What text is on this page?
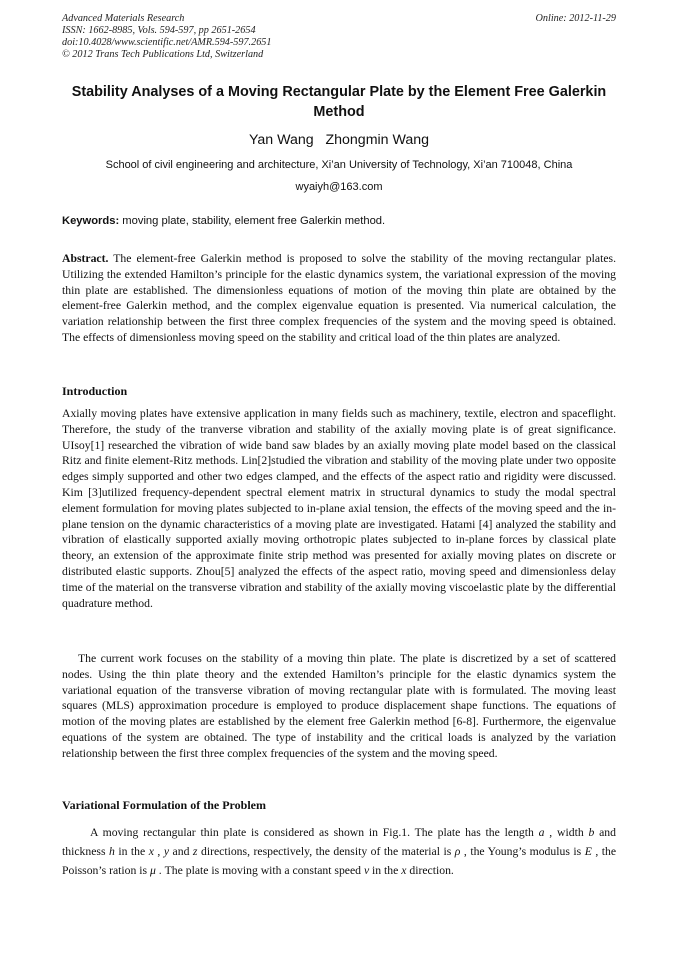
Advanced Materials Research
ISSN: 1662-8985, Vols. 594-597, pp 2651-2654
doi:10.4028/www.scientific.net/AMR.594-597.2651
© 2012 Trans Tech Publications Ltd, Switzerland
Online: 2012-11-29
Stability Analyses of a Moving Rectangular Plate by the Element Free Galerkin Method
Yan Wang   Zhongmin Wang
School of civil engineering and architecture, Xi’an University of Technology, Xi’an 710048, China
wyaiyh@163.com
Keywords: moving plate, stability, element free Galerkin method.
Abstract. The element-free Galerkin method is proposed to solve the stability of the moving rectangular plates. Utilizing the extended Hamilton’s principle for the elastic dynamics system, the variational expression of the moving thin plate are established. The dimensionless equations of motion of the moving thin plate are obtained by the element-free Galerkin method, and the complex eigenvalue equation is presented. Via numerical calculation, the variation relationship between the first three complex frequencies of the system and the moving speed is obtained. The effects of dimensionless moving speed on the stability and critical load of the thin plates are analyzed.
Introduction
Axially moving plates have extensive application in many fields such as machinery, textile, electron and spaceflight. Therefore, the study of the tranverse vibration and stability of the axially moving plate is of great significance. UIsoy[1] researched the vibration of wide band saw blades by an axially moving plate model based on the classical Ritz and finite element-Ritz methods. Lin[2]studied the vibration and stability of the moving plate under two opposite edges simply supported and other two edges clamped, and the effects of the aspect ratio and rigidity were discussed. Kim [3]utilized frequency-dependent spectral element matrix in structural dynamics to study the modal spectral element formulation for moving plates subjected to in-plane axial tension, the effects of the moving speed and the in-plane tension on the dynamic characteristics of a moving plate are investigated. Hatami [4] analyzed the stability and vibration of elastically supported axially moving orthotropic plates subjected to in-plane forces by classical plate theory, an extension of the approximate finite strip method was presented for axially moving plates on discrete or distributed elastic supports. Zhou[5] analyzed the effects of the aspect ratio, moving speed and dimensionless delay time of the material on the transverse vibration and stability of the axially moving viscoelastic plate by the differential quadrature method.
The current work focuses on the stability of a moving thin plate. The plate is discretized by a set of scattered nodes. Using the thin plate theory and the extended Hamilton’s principle for the elastic dynamics system the variational equation of the transverse vibration of moving rectangular plate with is formulated. The moving least squares (MLS) approximation procedure is employed to produce displacement shape functions. The equations of motion of the moving plates are established by the element free Galerkin method [6-8]. Furthermore, the eigenvalue equations of the system are obtained. The type of instability and the critical loads is analyzed by the variation relationship between the first three complex frequencies of the system and the moving speed.
Variational Formulation of the Problem
A moving rectangular thin plate is considered as shown in Fig.1. The plate has the length a , width b and thickness h in the x , y and z directions, respectively, the density of the material is ρ , the Young’s modulus is E , the Poisson’s ration is μ . The plate is moving with a constant speed v in the x direction.
